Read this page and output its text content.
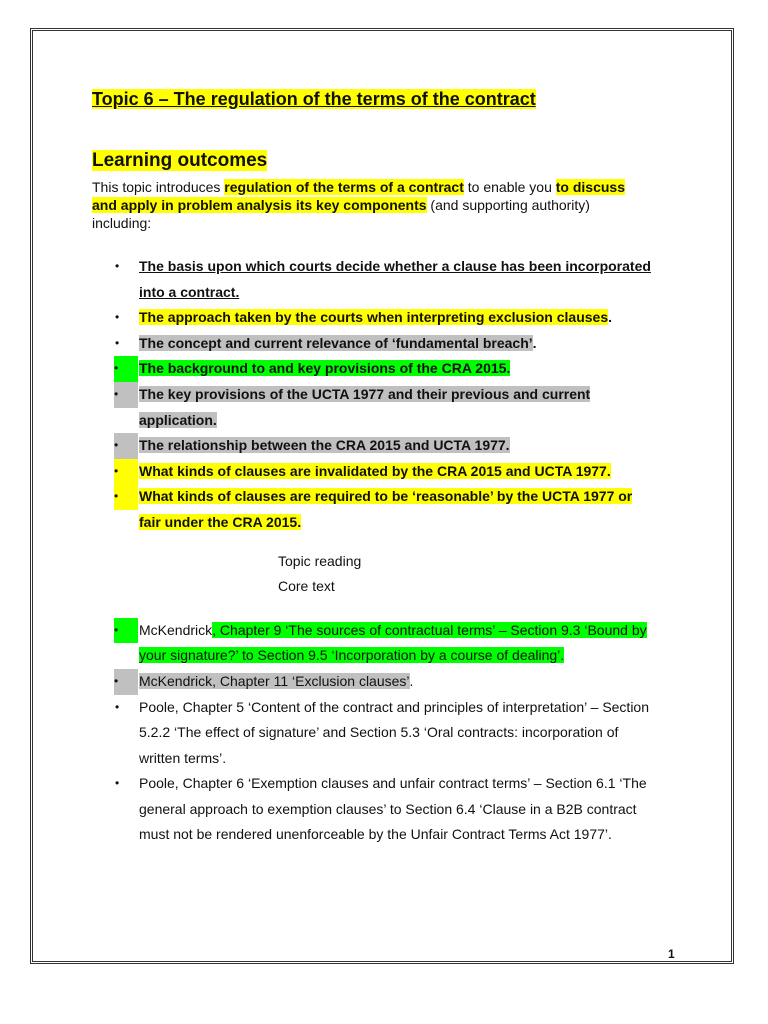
Topic 6 – The regulation of the terms of the contract
Learning outcomes

This topic introduces regulation of the terms of a contract to enable you to discuss and apply in problem analysis its key components (and supporting authority) including:

• The basis upon which courts decide whether a clause has been incorporated into a contract.
• The approach taken by the courts when interpreting exclusion clauses.
• The concept and current relevance of ‘fundamental breach’.
•	The background to and key provisions of the CRA 2015.
•	The key provisions of the UCTA 1977 and their previous and current application.
•	The relationship between the CRA 2015 and UCTA 1977.
•	What kinds of clauses are invalidated by the CRA 2015 and UCTA 1977.
•	What kinds of clauses are required to be ‘reasonable’ by the UCTA 1977 or fair under the CRA 2015.
Topic reading
Core text
•	McKendrick, Chapter 9 ‘The sources of contractual terms’ – Section 9.3 ‘Bound by your signature?’ to Section 9.5 ‘Incorporation by a course of dealing’.
•	McKendrick, Chapter 11 ‘Exclusion clauses’.
• Poole, Chapter 5 ‘Content of the contract and principles of interpretation’ – Section 5.2.2 ‘The effect of signature’ and Section 5.3 ‘Oral contracts: incorporation of written terms’.
• Poole, Chapter 6 ‘Exemption clauses and unfair contract terms’ – Section 6.1 ‘The general approach to exemption clauses’ to Section 6.4 ‘Clause in a B2B contract must not be rendered unenforceable by the Unfair Contract Terms Act 1977’.
1
